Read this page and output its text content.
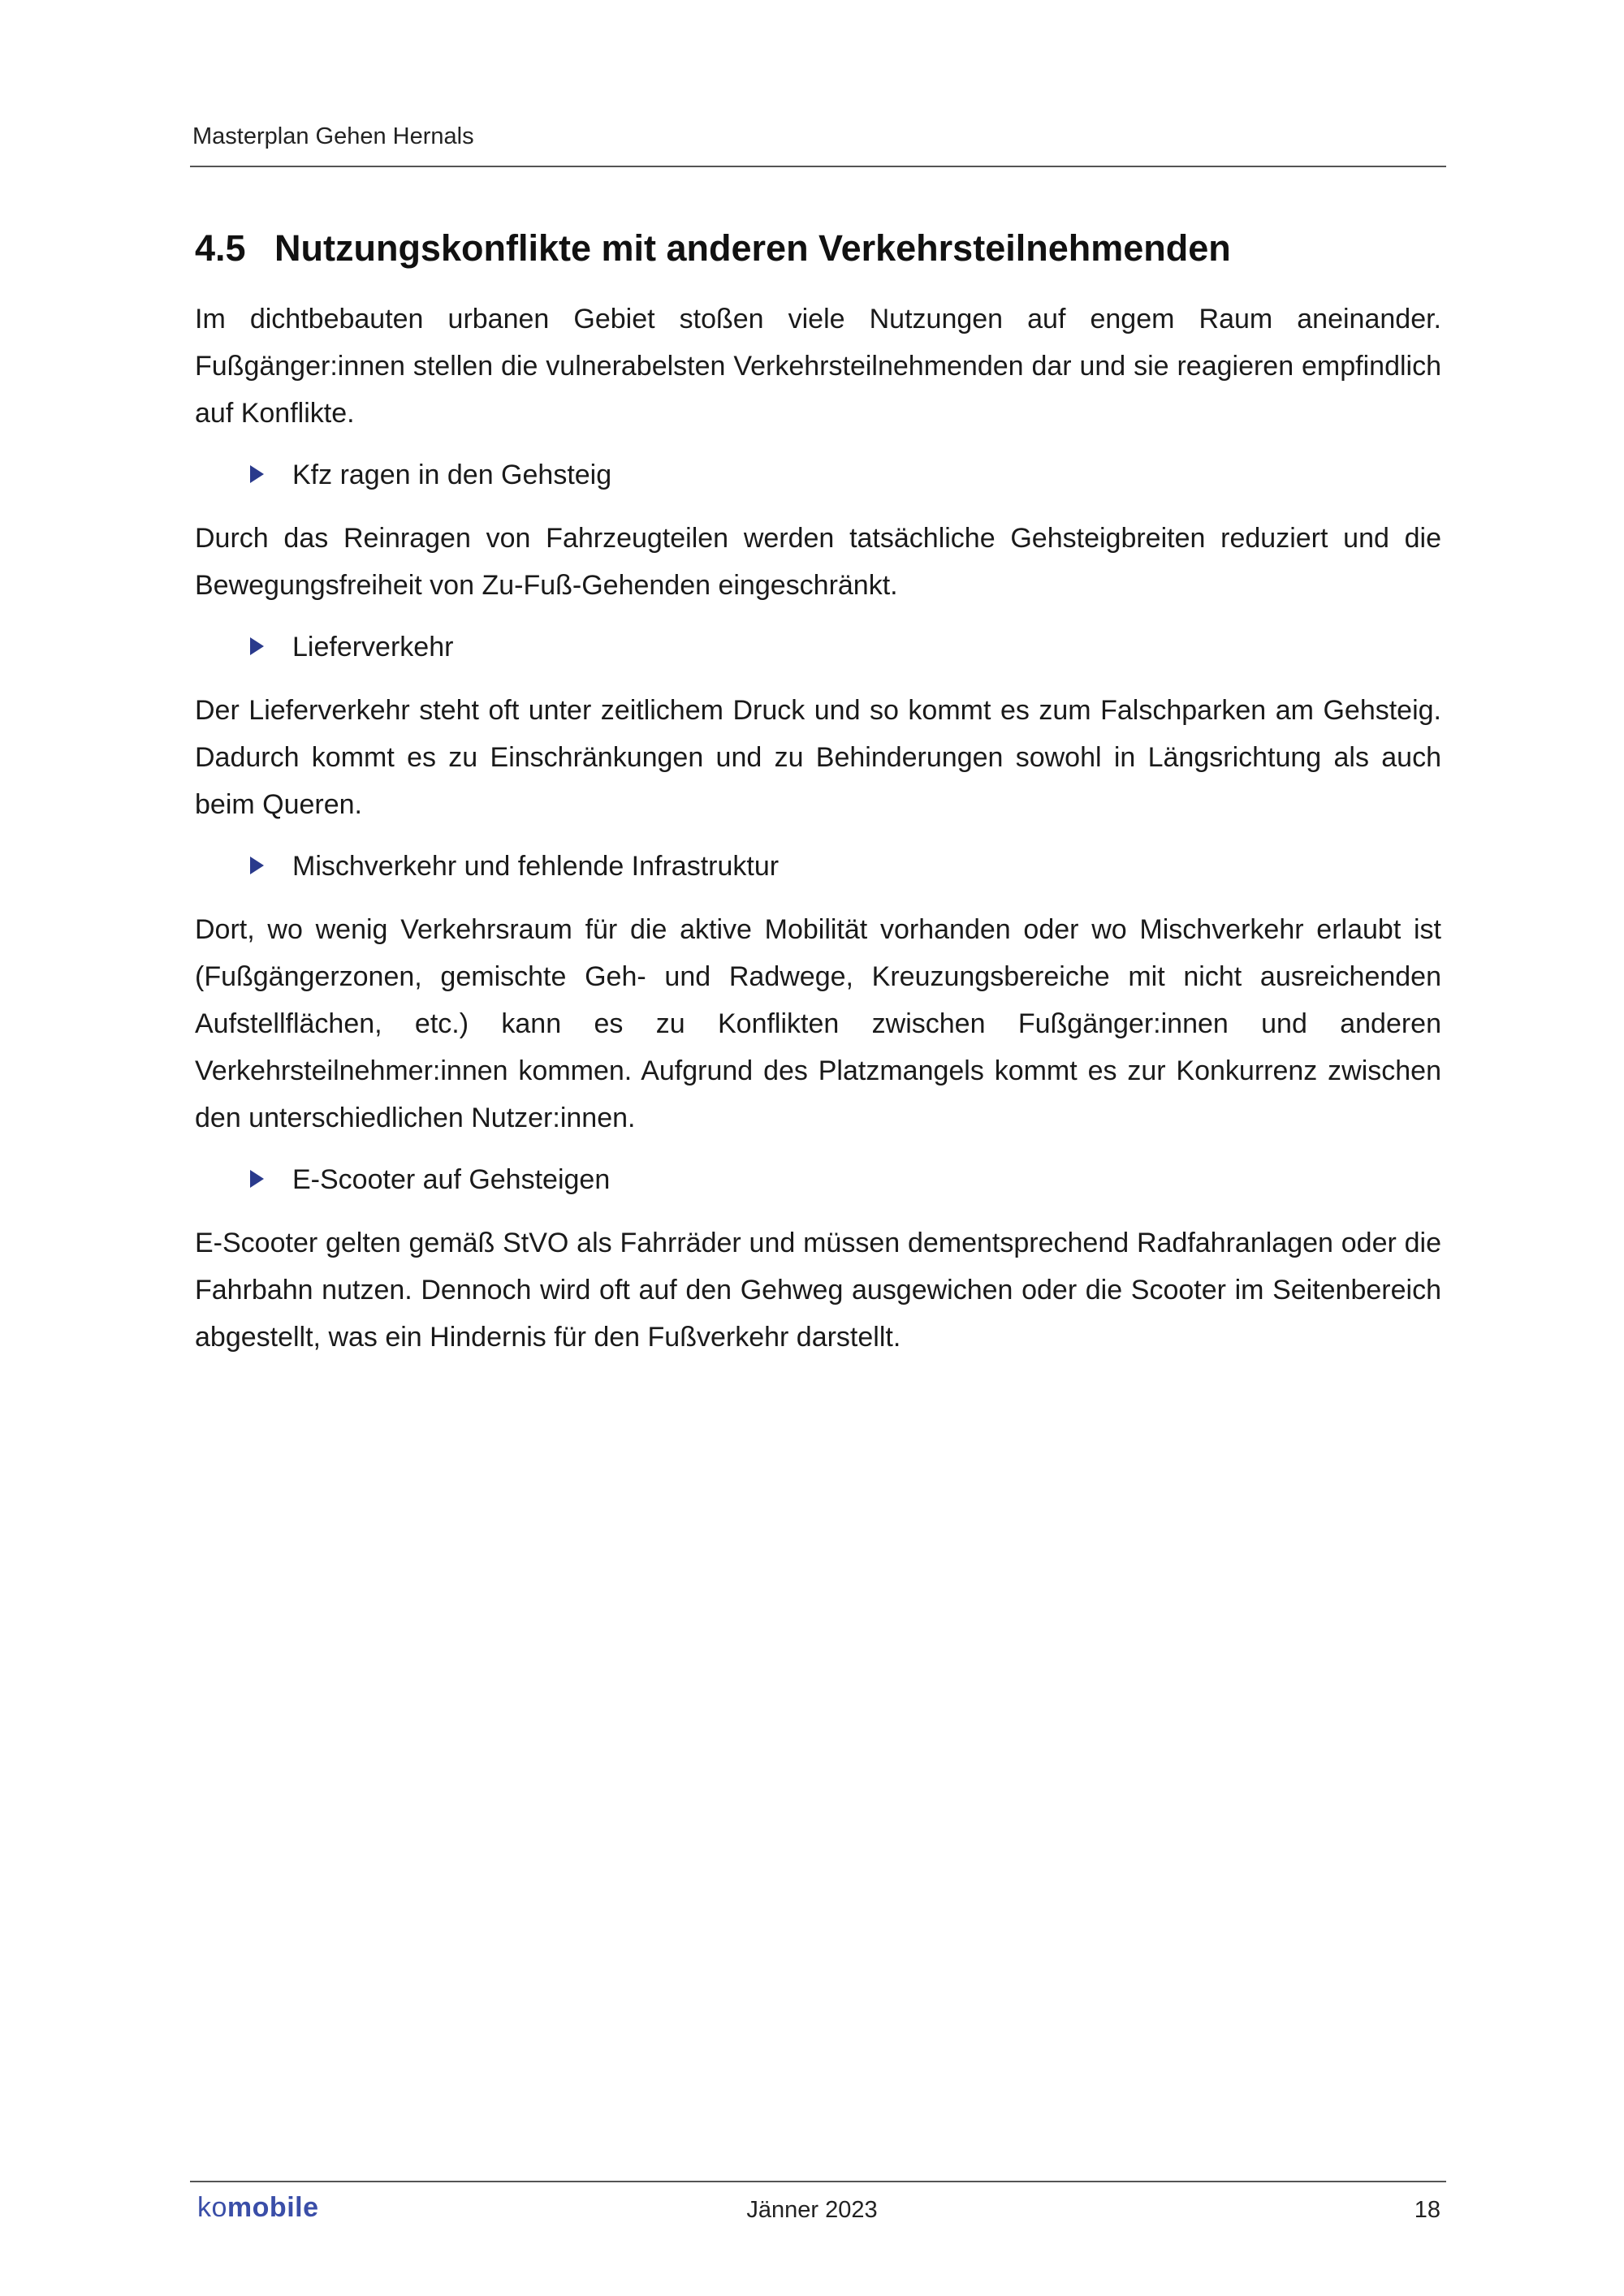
Masterplan Gehen Hernals
4.5 Nutzungskonflikte mit anderen Verkehrsteilnehmenden

Im dichtbebauten urbanen Gebiet stoßen viele Nutzungen auf engem Raum aneinander. Fußgänger:innen stellen die vulnerabelsten Verkehrsteilnehmenden dar und sie reagieren empfindlich auf Konflikte.

Kfz ragen in den Gehsteig

Durch das Reinragen von Fahrzeugteilen werden tatsächliche Gehsteigbreiten reduziert und die Bewegungsfreiheit von Zu-Fuß-Gehenden eingeschränkt.

Lieferverkehr

Der Lieferverkehr steht oft unter zeitlichem Druck und so kommt es zum Falschparken am Gehsteig. Dadurch kommt es zu Einschränkungen und zu Behinderungen sowohl in Längsrichtung als auch beim Queren.

Mischverkehr und fehlende Infrastruktur

Dort, wo wenig Verkehrsraum für die aktive Mobilität vorhanden oder wo Mischverkehr erlaubt ist (Fußgängerzonen, gemischte Geh- und Radwege, Kreuzungsbereiche mit nicht ausreichenden Aufstellflächen, etc.) kann es zu Konflikten zwischen Fußgänger:innen und anderen Verkehrsteilnehmer:innen kommen. Aufgrund des Platzmangels kommt es zur Konkurrenz zwischen den unterschiedlichen Nutzer:innen.

E-Scooter auf Gehsteigen

E-Scooter gelten gemäß StVO als Fahrräder und müssen dementsprechend Radfahranlagen oder die Fahrbahn nutzen. Dennoch wird oft auf den Gehweg ausgewichen oder die Scooter im Seitenbereich abgestellt, was ein Hindernis für den Fußverkehr darstellt.

komobile	Jänner 2023	18
